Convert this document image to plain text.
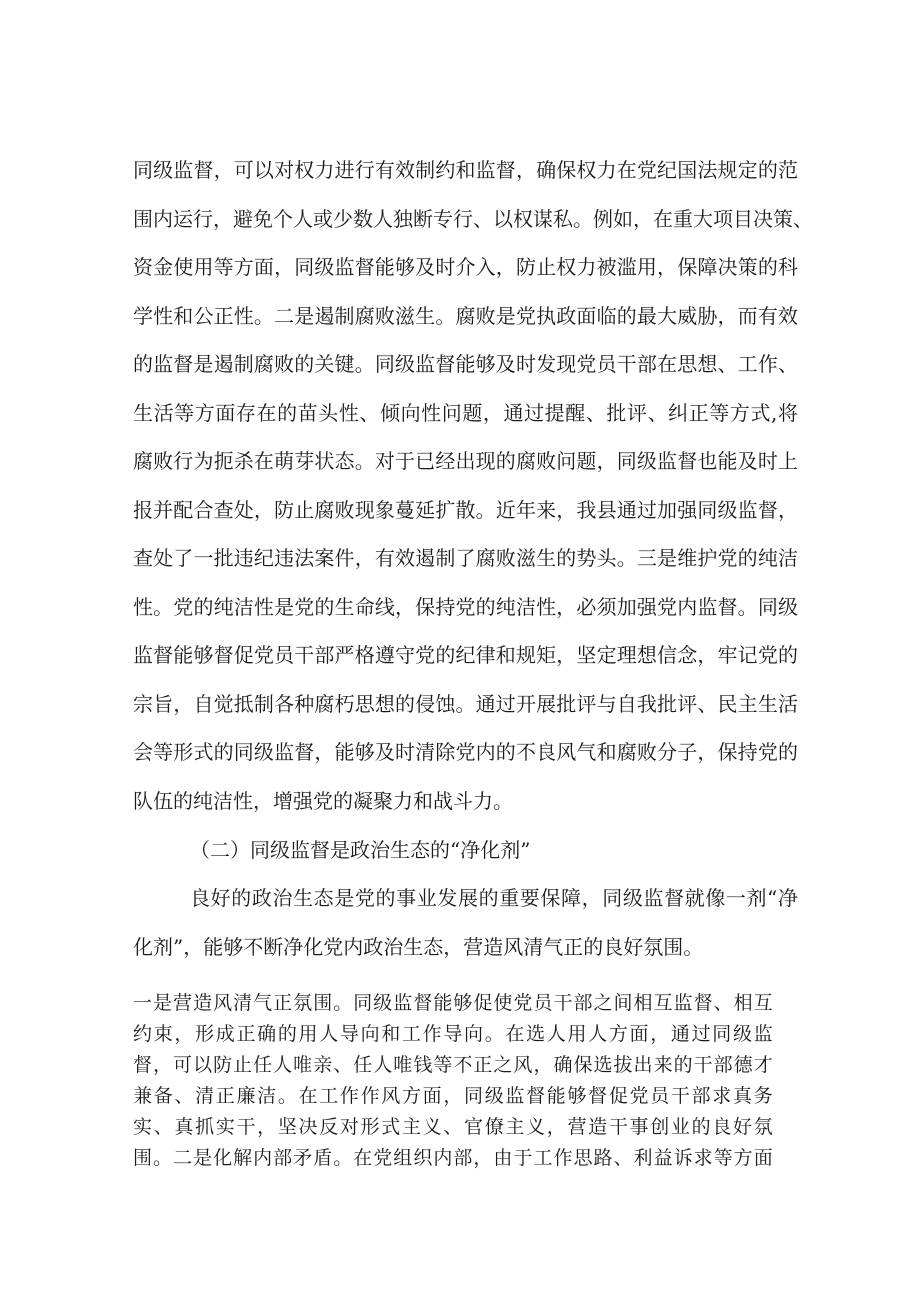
同级监督，可以对权力进行有效制约和监督，确保权力在党纪国法规定的范

围内运行，避免个人或少数人独断专行、以权谋私。例如，在重大项目决策、

资金使用等方面，同级监督能够及时介入，防止权力被滥用，保障决策的科

学性和公正性。二是遏制腐败滋生。腐败是党执政面临的最大威胁，而有效

的监督是遏制腐败的关键。同级监督能够及时发现党员干部在思想、工作、

生活等方面存在的苗头性、倾向性问题，通过提醒、批评、纠正等方式,将

腐败行为扼杀在萌芽状态。对于已经出现的腐败问题，同级监督也能及时上

报并配合查处，防止腐败现象蔓延扩散。近年来，我县通过加强同级监督，

查处了一批违纪违法案件，有效遏制了腐败滋生的势头。三是维护党的纯洁

性。党的纯洁性是党的生命线，保持党的纯洁性，必须加强党内监督。同级

监督能够督促党员干部严格遵守党的纪律和规矩，坚定理想信念，牢记党的

宗旨，自觉抵制各种腐朽思想的侵蚀。通过开展批评与自我批评、民主生活

会等形式的同级监督，能够及时清除党内的不良风气和腐败分子，保持党的

队伍的纯洁性，增强党的凝聚力和战斗力。

（二）同级监督是政治生态的“净化剂”

良好的政治生态是党的事业发展的重要保障，同级监督就像一剂“净

化剂”，能够不断净化党内政治生态，营造风清气正的良好氛围。

一是营造风清气正氛围。同级监督能够促使党员干部之间相互监督、相互

约束，形成正确的用人导向和工作导向。在选人用人方面，通过同级监

督，可以防止任人唯亲、任人唯钱等不正之风，确保选拔出来的干部德才

兼备、清正廉洁。在工作作风方面，同级监督能够督促党员干部求真务

实、真抓实干，坚决反对形式主义、官僚主义，营造干事创业的良好氛

围。二是化解内部矛盾。在党组织内部，由于工作思路、利益诉求等方面
